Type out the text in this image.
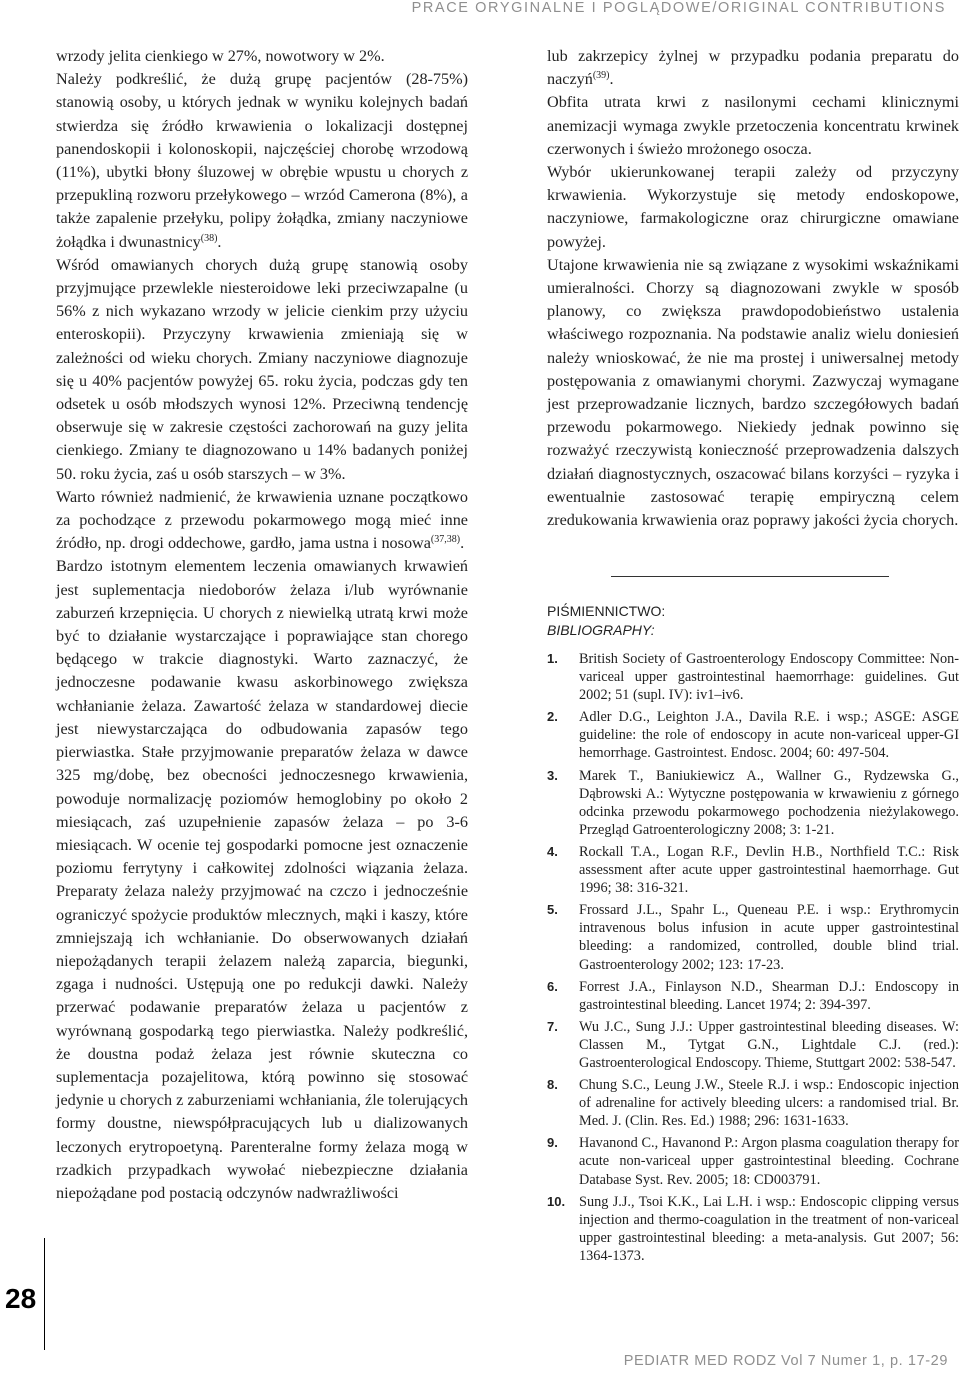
PRACE ORYGINALNE I POGLĄDOWE/ORIGINAL CONTRIBUTIONS

wrzody jelita cienkiego w 27%, nowotwory w 2%.

Należy podkreślić, że dużą grupę pacjentów (28-75%) stanowią osoby, u których jednak w wyniku kolejnych badań stwierdza się źródło krwawienia o lokalizacji dostępnej panendoskopii i kolonoskopii, najczęściej chorobę wrzodową (11%), ubytki błony śluzowej w obrębie wpustu u chorych z przepukliną rozworu przełykowego – wrzód Camerona (8%), a także zapalenie przełyku, polipy żołądka, zmiany naczyniowe żołądka i dwunastnicy$^{(38)}$.

Wśród omawianych chorych dużą grupę stanowią osoby przyjmujące przewlekle niesteroidowe leki przeciwzapalne (u 56% z nich wykazano wrzody w jelicie cienkim przy użyciu enteroskopii). Przyczyny krwawienia zmieniają się w zależności od wieku chorych. Zmiany naczyniowe diagnozuje się u 40% pacjentów powyżej 65. roku życia, podczas gdy ten odsetek u osób młodszych wynosi 12%. Przeciwną tendencję obserwuje się w zakresie częstości zachorowań na guzy jelita cienkiego. Zmiany te diagnozowano u 14% badanych poniżej 50. roku życia, zaś u osób starszych – w 3%.

Warto również nadmienić, że krwawienia uznane początkowo za pochodzące z przewodu pokarmowego mogą mieć inne źródło, np. drogi oddechowe, gardło, jama ustna i nosowa$^{(37,38)}$.

Bardzo istotnym elementem leczenia omawianych krwawień jest suplementacja niedoborów żelaza i/lub wyrównanie zaburzeń krzepnięcia. U chorych z niewielką utratą krwi może być to działanie wystarczające i poprawiające stan chorego będącego w trakcie diagnostyki. Warto zaznaczyć, że jednoczesne podawanie kwasu askorbinowego zwiększa wchłanianie żelaza. Zawartość żelaza w standardowej diecie jest niewystarczająca do odbudowania zapasów tego pierwiastka. Stałe przyjmowanie preparatów żelaza w dawce 325 mg/dobę, bez obecności jednoczesnego krwawienia, powoduje normalizację poziomów hemoglobiny po około 2 miesiącach, zaś uzupełnienie zapasów żelaza – po 3-6 miesiącach. W ocenie tej gospodarki pomocne jest oznaczenie poziomu ferrytyny i całkowitej zdolności wiązania żelaza. Preparaty żelaza należy przyjmować na czczo i jednocześnie ograniczyć spożycie produktów mlecznych, mąki i kaszy, które zmniejszają ich wchłanianie. Do obserwowanych działań niepożądanych terapii żelazem należą zaparcia, biegunki, zgaga i nudności. Ustępują one po redukcji dawki. Należy przerwać podawanie preparatów żelaza u pacjentów z wyrównaną gospodarką tego pierwiastka. Należy podkreślić, że doustna podaż żelaza jest równie skuteczna co suplementacja pozajelitowa, którą powinno się stosować jedynie u chorych z zaburzeniami wchłaniania, źle tolerujących formy doustne, niewspółpracujących lub u dializowanych leczonych erytropoetyną. Parenteralne formy żelaza mogą w rzadkich przypadkach wywołać niebezpieczne działania niepożądane pod postacią odczynów nadwrażliwości

lub zakrzepicy żylnej w przypadku podania preparatu do naczyń$^{(39)}$.

Obfita utrata krwi z nasilonymi cechami klinicznymi anemizacji wymaga zwykle przetoczenia koncentratu krwinek czerwonych i świeżo mrożonego osocza.

Wybór ukierunkowanej terapii zależy od przyczyny krwawienia. Wykorzystuje się metody endoskopowe, naczyniowe, farmakologiczne oraz chirurgiczne omawiane powyżej.

Utajone krwawienia nie są związane z wysokimi wskaźnikami umieralności. Chorzy są diagnozowani zwykle w sposób planowy, co zwiększa prawdopodobieństwo ustalenia właściwego rozpoznania. Na podstawie analiz wielu doniesień należy wnioskować, że nie ma prostej i uniwersalnej metody postępowania z omawianymi chorymi. Zazwyczaj wymagane jest przeprowadzanie licznych, bardzo szczegółowych badań przewodu pokarmowego. Niekiedy jednak powinno się rozważyć rzeczywistą konieczność przeprowadzenia dalszych działań diagnostycznych, oszacować bilans korzyści – ryzyka i ewentualnie zastosować terapię empiryczną celem zredukowania krwawienia oraz poprawy jakości życia chorych.

PIŚMIENNICTWO:
BIBLIOGRAPHY:
1.	British Society of Gastroenterology Endoscopy Committee: Non-variceal upper gastrointestinal haemorrhage: guidelines. Gut 2002; 51 (supl. IV): iv1–iv6.
2.	Adler D.G., Leighton J.A., Davila R.E. i wsp.; ASGE: ASGE guideline: the role of endoscopy in acute non-variceal upper-GI hemorrhage. Gastrointest. Endosc. 2004; 60: 497-504.
3.	Marek T., Baniukiewicz A., Wallner G., Rydzewska G., Dąbrowski A.: Wytyczne postępowania w krwawieniu z górnego odcinka przewodu pokarmowego pochodzenia nieżylakowego. Przegląd Gatroenterologiczny 2008; 3: 1-21.
4.	Rockall T.A., Logan R.F., Devlin H.B., Northfield T.C.: Risk assessment after acute upper gastrointestinal haemorrhage. Gut 1996; 38: 316-321.
5.	Frossard J.L., Spahr L., Queneau P.E. i wsp.: Erythromycin intravenous bolus infusion in acute upper gastrointestinal bleeding: a randomized, controlled, double blind trial. Gastroenterology 2002; 123: 17-23.
6.	Forrest J.A., Finlayson N.D., Shearman D.J.: Endoscopy in gastrointestinal bleeding. Lancet 1974; 2: 394-397.
7.	Wu J.C., Sung J.J.: Upper gastrointestinal bleeding diseases. W: Classen M., Tytgat G.N., Lightdale C.J. (red.): Gastroenterological Endoscopy. Thieme, Stuttgart 2002: 538-547.
8.	Chung S.C., Leung J.W., Steele R.J. i wsp.: Endoscopic injection of adrenaline for actively bleeding ulcers: a randomised trial. Br. Med. J. (Clin. Res. Ed.) 1988; 296: 1631-1633.
9.	Havanond C., Havanond P.: Argon plasma coagulation therapy for acute non-variceal upper gastrointestinal bleeding. Cochrane Database Syst. Rev. 2005; 18: CD003791.
10. Sung J.J., Tsoi K.K., Lai L.H. i wsp.: Endoscopic clipping versus injection and thermo-coagulation in the treatment of non-variceal upper gastrointestinal bleeding: a meta-analysis. Gut 2007; 56: 1364-1373.
28
PEDIATR MED RODZ Vol 7 Numer 1, p. 17-29
